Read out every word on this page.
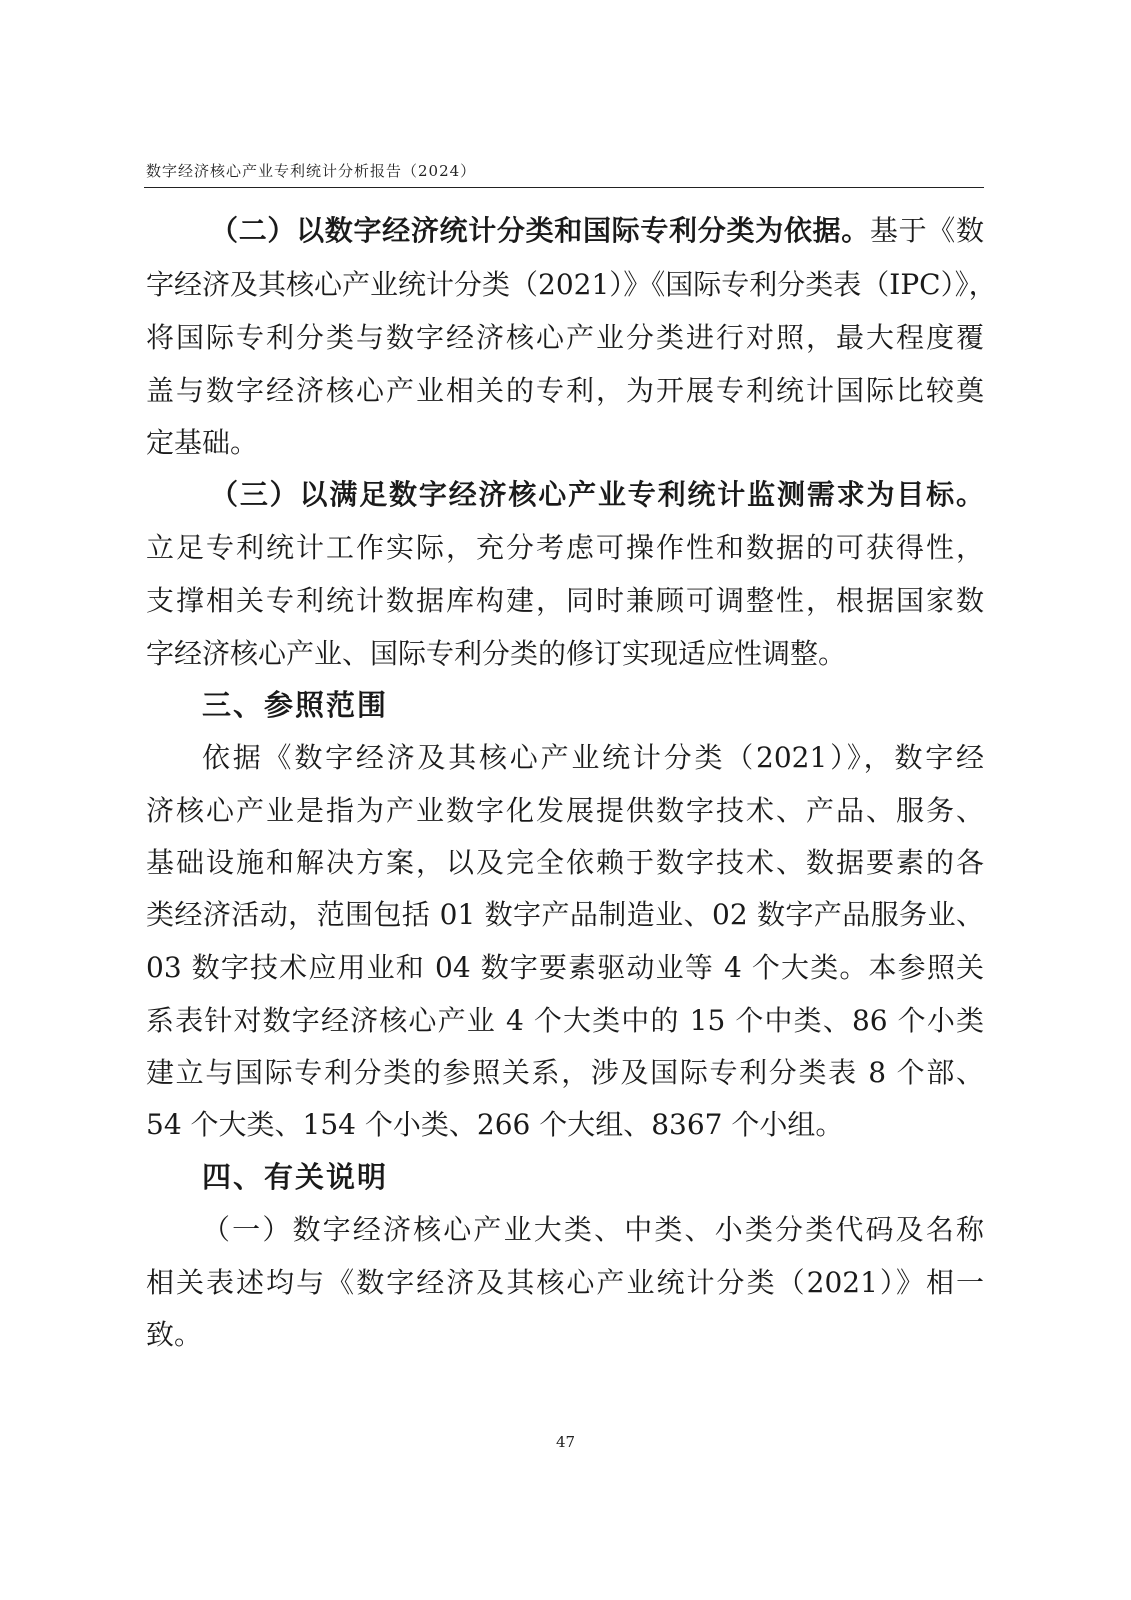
数字经济核心产业专利统计分析报告（2024）
（二）以数字经济统计分类和国际专利分类为依据。基于《数
字经济及其核心产业统计分类（2021）》《国际专利分类表（IPC）》，
将国际专利分类与数字经济核心产业分类进行对照，最大程度覆
盖与数字经济核心产业相关的专利，为开展专利统计国际比较奠
定基础。
（三）以满足数字经济核心产业专利统计监测需求为目标。
立足专利统计工作实际，充分考虑可操作性和数据的可获得性，
支撑相关专利统计数据库构建，同时兼顾可调整性，根据国家数
字经济核心产业、国际专利分类的修订实现适应性调整。
三、参照范围
依据《数字经济及其核心产业统计分类（2021）》，数字经
济核心产业是指为产业数字化发展提供数字技术、产品、服务、
基础设施和解决方案，以及完全依赖于数字技术、数据要素的各
类经济活动，范围包括 01 数字产品制造业、02 数字产品服务业、
03 数字技术应用业和 04 数字要素驱动业等 4 个大类。本参照关
系表针对数字经济核心产业 4 个大类中的 15 个中类、86 个小类
建立与国际专利分类的参照关系，涉及国际专利分类表 8 个部、
54 个大类、154 个小类、266 个大组、8367 个小组。
四、有关说明
（一）数字经济核心产业大类、中类、小类分类代码及名称
相关表述均与《数字经济及其核心产业统计分类（2021）》相一
致。
47
